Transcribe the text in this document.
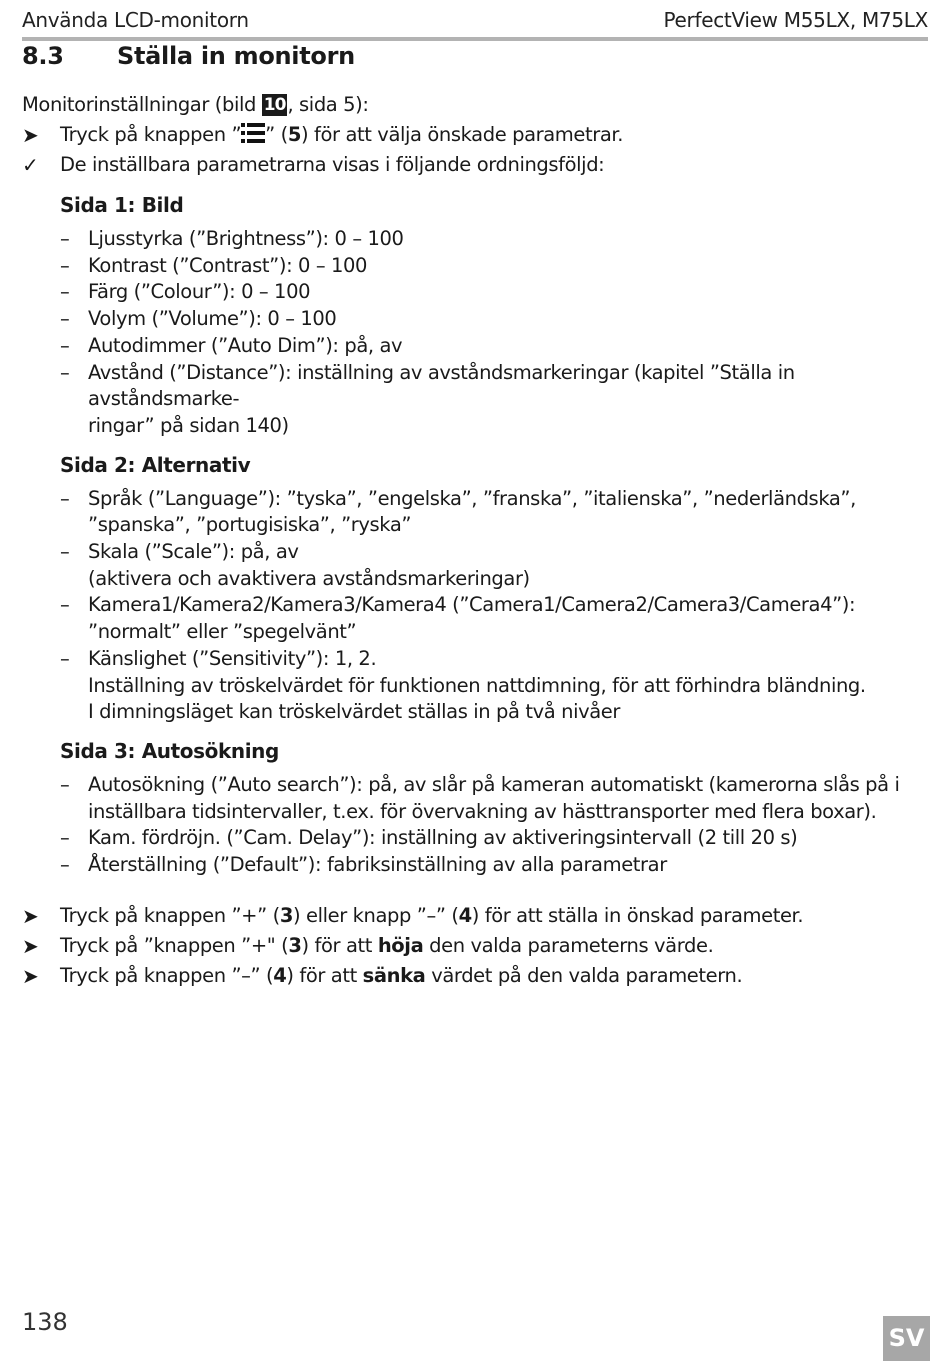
Använda LCD-monitorn	PerfectView M55LX, M75LX
8.3 Ställa in monitorn
Monitorinställningar (bild 10 , sida 5):
➤	Tryck på knappen ” ” (5) för att välja önskade parametrar.
✓	De inställbara parametrarna visas i följande ordningsföljd:
Sida 1: Bild
– Ljusstyrka (”Brightness”): 0 – 100
– Kontrast (”Contrast”): 0 – 100
– Färg (”Colour”): 0 – 100
– Volym (”Volume”): 0 – 100
– Autodimmer (”Auto Dim”): på, av
– Avstånd (”Distance”): inställning av avståndsmarkeringar (kapitel ”Ställa in avståndsmarke-
ringar” på sidan 140)
Sida 2: Alternativ
– Språk (”Language”): ”tyska”, ”engelska”, ”franska”, ”italienska”, ”nederländska”,
”spanska”, ”portugisiska”, ”ryska”
– Skala (”Scale”): på, av
(aktivera och avaktivera avståndsmarkeringar)
– Kamera1/Kamera2/Kamera3/Kamera4 (”Camera1/Camera2/Camera3/Camera4”):
”normalt” eller ”spegelvänt”
– Känslighet (”Sensitivity”): 1, 2.
Inställning av tröskelvärdet för funktionen nattdimning, för att förhindra bländning.
I dimningsläget kan tröskelvärdet ställas in på två nivåer
Sida 3: Autosökning
– Autosökning (”Auto search”): på, av slår på kameran automatiskt (kamerorna slås på i
inställbara tidsintervaller, t.ex. för övervakning av hästtransporter med flera boxar).
– Kam. fördröjn. (”Cam. Delay”): inställning av aktiveringsintervall (2 till 20 s)
– Återställning (”Default”): fabriksinställning av alla parametrar
➤	Tryck på knappen ”+” (3) eller knapp ”–” (4) för att ställa in önskad parameter.
➤	Tryck på ”knappen ”+" (3) för att höja den valda parameterns värde.
➤	Tryck på knappen ”–” (4) för att sänka värdet på den valda parametern.
138
SV
